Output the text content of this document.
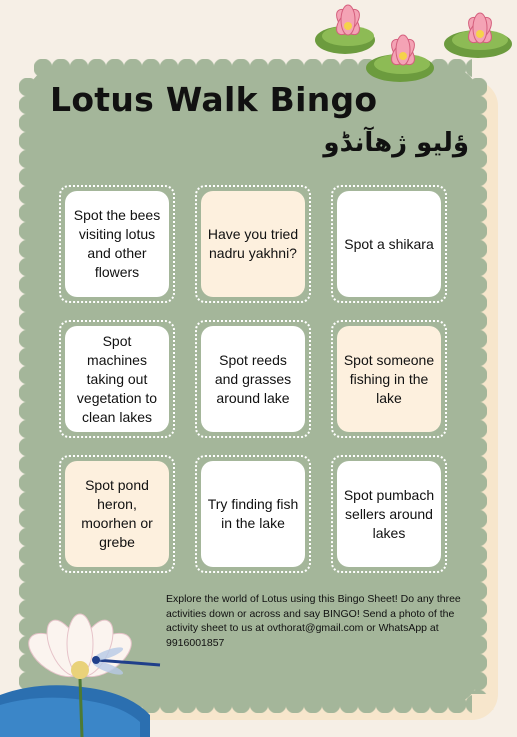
Lotus Walk Bingo
ؤليو ژھآنڈو
Spot the bees visiting lotus and other flowers
Have you tried nadru yakhni?
Spot a shikara
Spot machines taking out vegetation to clean lakes
Spot reeds and grasses around lake
Spot someone fishing in the lake
Spot pond heron, moorhen or grebe
Try finding fish in the lake
Spot pumbach sellers around lakes

Explore the world of Lotus using this Bingo Sheet! Do any three activities down or across and say BINGO! Send a photo of the activity sheet to us at ovthorat@gmail.com or WhatsApp at 9916001857
